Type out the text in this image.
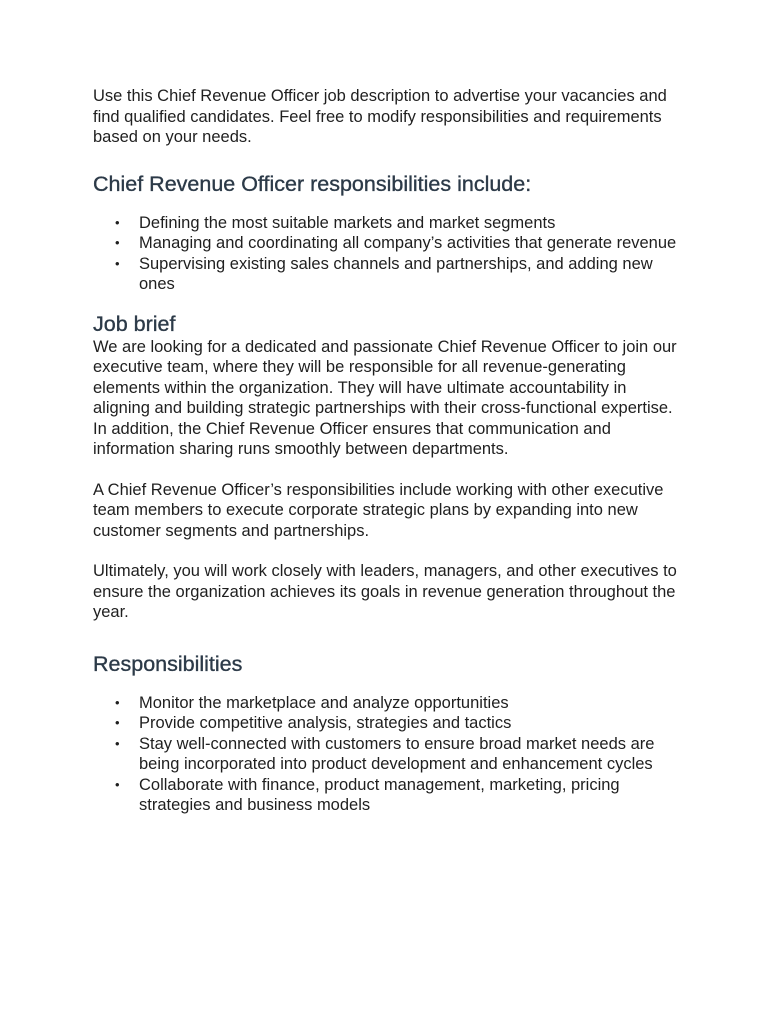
Use this Chief Revenue Officer job description to advertise your vacancies and find qualified candidates. Feel free to modify responsibilities and requirements based on your needs.

Chief Revenue Officer responsibilities include:
• Defining the most suitable markets and market segments
• Managing and coordinating all company’s activities that generate revenue
• Supervising existing sales channels and partnerships, and adding new ones
Job brief

We are looking for a dedicated and passionate Chief Revenue Officer to join our executive team, where they will be responsible for all revenue-generating elements within the organization. They will have ultimate accountability in aligning and building strategic partnerships with their cross-functional expertise. In addition, the Chief Revenue Officer ensures that communication and information sharing runs smoothly between departments.

A Chief Revenue Officer’s responsibilities include working with other executive team members to execute corporate strategic plans by expanding into new customer segments and partnerships.

Ultimately, you will work closely with leaders, managers, and other executives to ensure the organization achieves its goals in revenue generation throughout the year.

Responsibilities
• Monitor the marketplace and analyze opportunities
• Provide competitive analysis, strategies and tactics
• Stay well-connected with customers to ensure broad market needs are being incorporated into product development and enhancement cycles
• Collaborate with finance, product management, marketing, pricing strategies and business models
